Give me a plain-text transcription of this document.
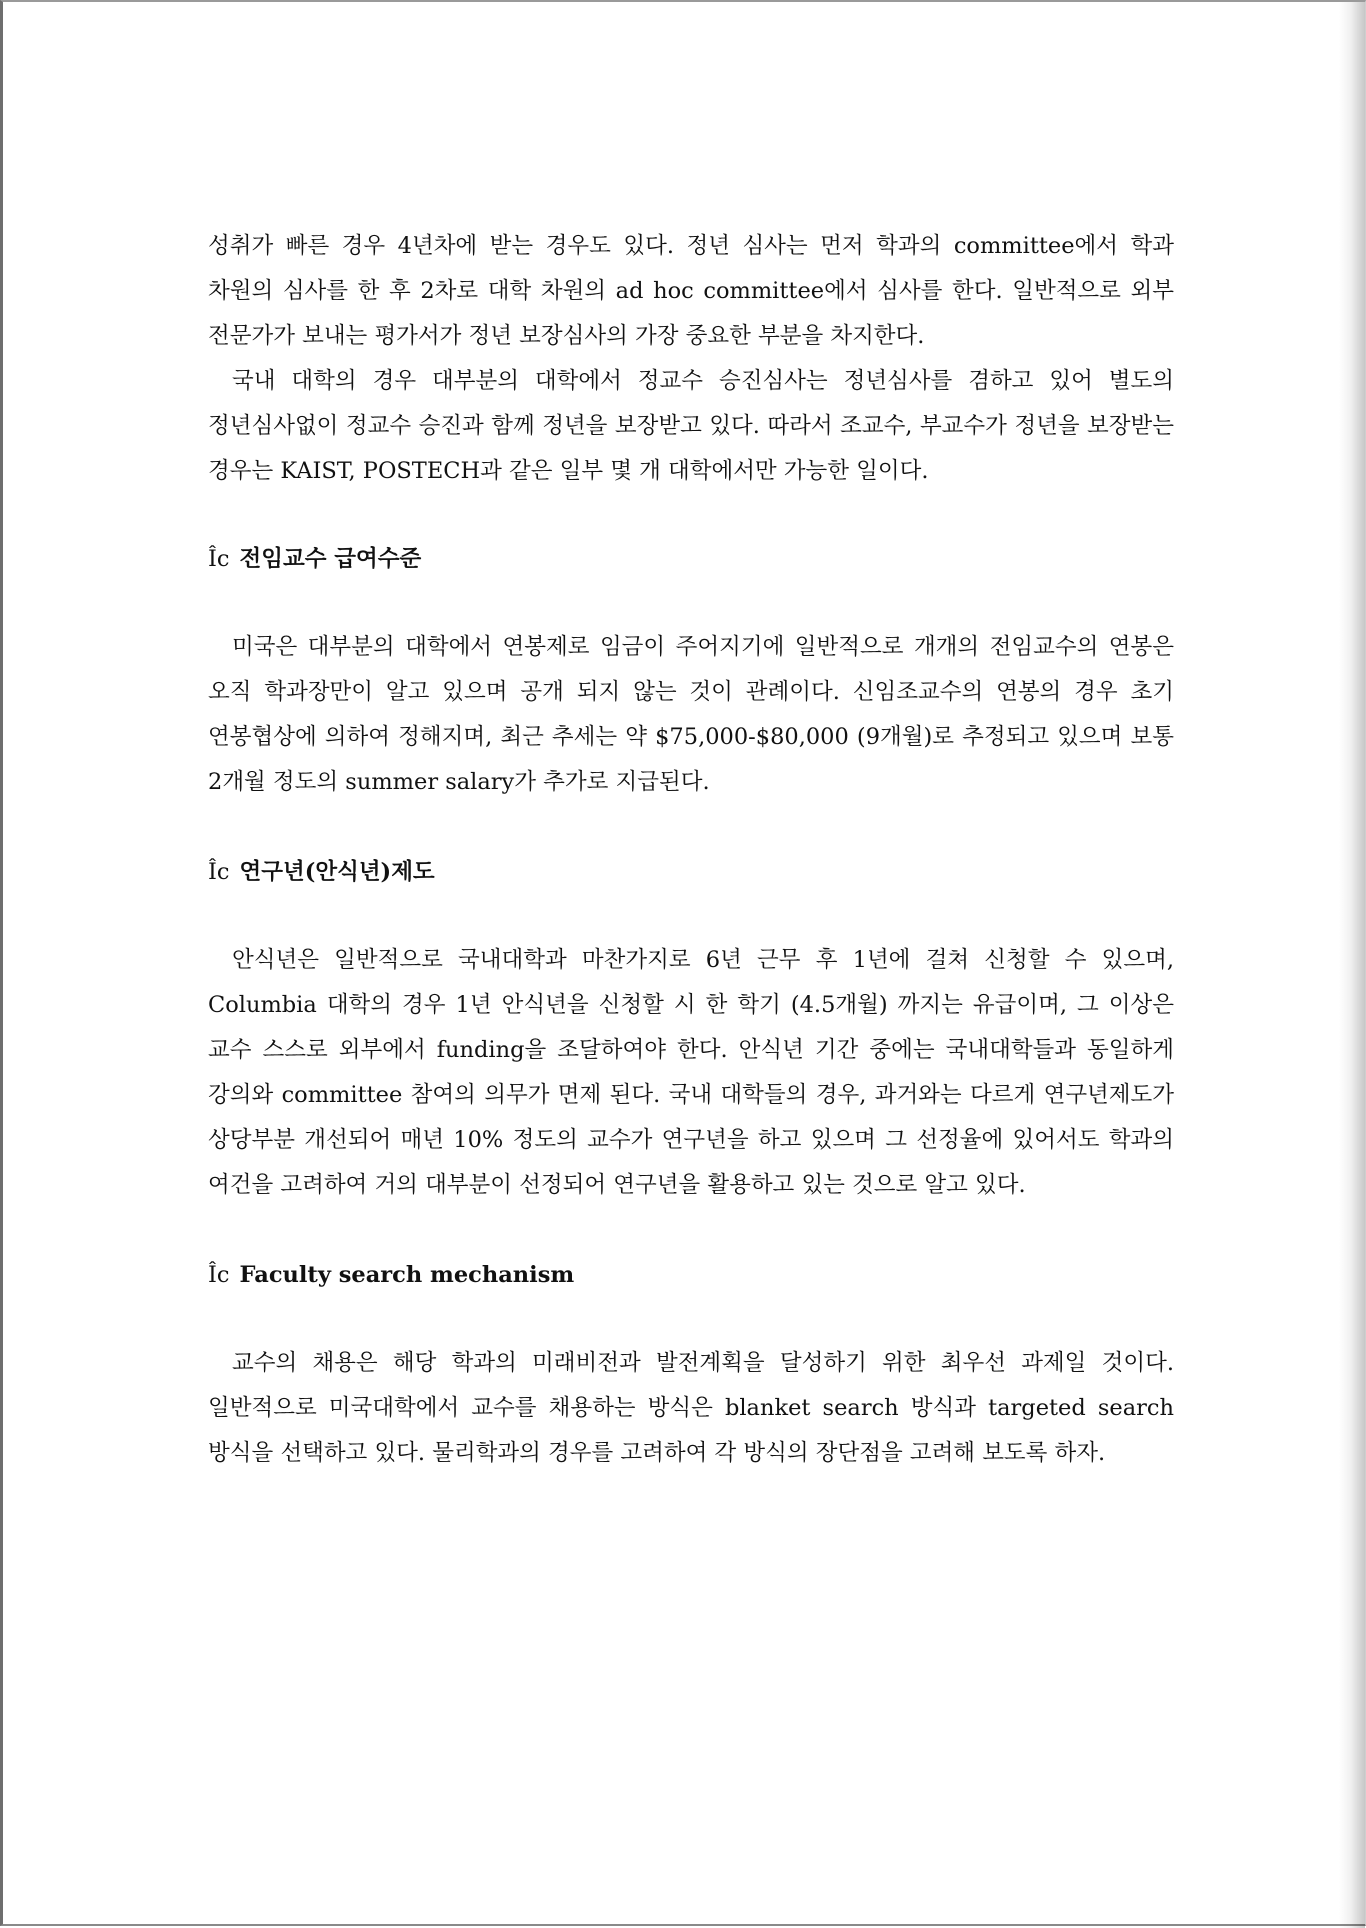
성취가 빠른 경우 4년차에 받는 경우도 있다. 정년 심사는 먼저 학과의 committee에서 학과 차원의 심사를 한 후 2차로 대학 차원의 ad hoc committee에서 심사를 한다. 일반적으로 외부 전문가가 보내는 평가서가 정년 보장심사의 가장 중요한 부분을 차지한다.

국내 대학의 경우 대부분의 대학에서 정교수 승진심사는 정년심사를 겸하고 있어 별도의 정년심사없이 정교수 승진과 함께 정년을 보장받고 있다. 따라서 조교수, 부교수가 정년을 보장받는 경우는 KAIST, POSTECH과 같은 일부 몇 개 대학에서만 가능한 일이다.

Îc 전임교수 급여수준

미국은 대부분의 대학에서 연봉제로 임금이 주어지기에 일반적으로 개개의 전임교수의 연봉은 오직 학과장만이 알고 있으며 공개 되지 않는 것이 관례이다. 신임조교수의 연봉의 경우 초기 연봉협상에 의하여 정해지며, 최근 추세는 약 $75,000-$80,000 (9개월)로 추정되고 있으며 보통 2개월 정도의 summer salary가 추가로 지급된다.

Îc 연구년(안식년)제도

안식년은 일반적으로 국내대학과 마찬가지로 6년 근무 후 1년에 걸쳐 신청할 수 있으며, Columbia 대학의 경우 1년 안식년을 신청할 시 한 학기 (4.5개월) 까지는 유급이며, 그 이상은 교수 스스로 외부에서 funding을 조달하여야 한다. 안식년 기간 중에는 국내대학들과 동일하게 강의와 committee 참여의 의무가 면제 된다. 국내 대학들의 경우, 과거와는 다르게 연구년제도가 상당부분 개선되어 매년 10% 정도의 교수가 연구년을 하고 있으며 그 선정율에 있어서도 학과의 여건을 고려하여 거의 대부분이 선정되어 연구년을 활용하고 있는 것으로 알고 있다.

Îc Faculty search mechanism

교수의 채용은 해당 학과의 미래비전과 발전계획을 달성하기 위한 최우선 과제일 것이다. 일반적으로 미국대학에서 교수를 채용하는 방식은 blanket search 방식과 targeted search 방식을 선택하고 있다. 물리학과의 경우를 고려하여 각 방식의 장단점을 고려해 보도록 하자.
